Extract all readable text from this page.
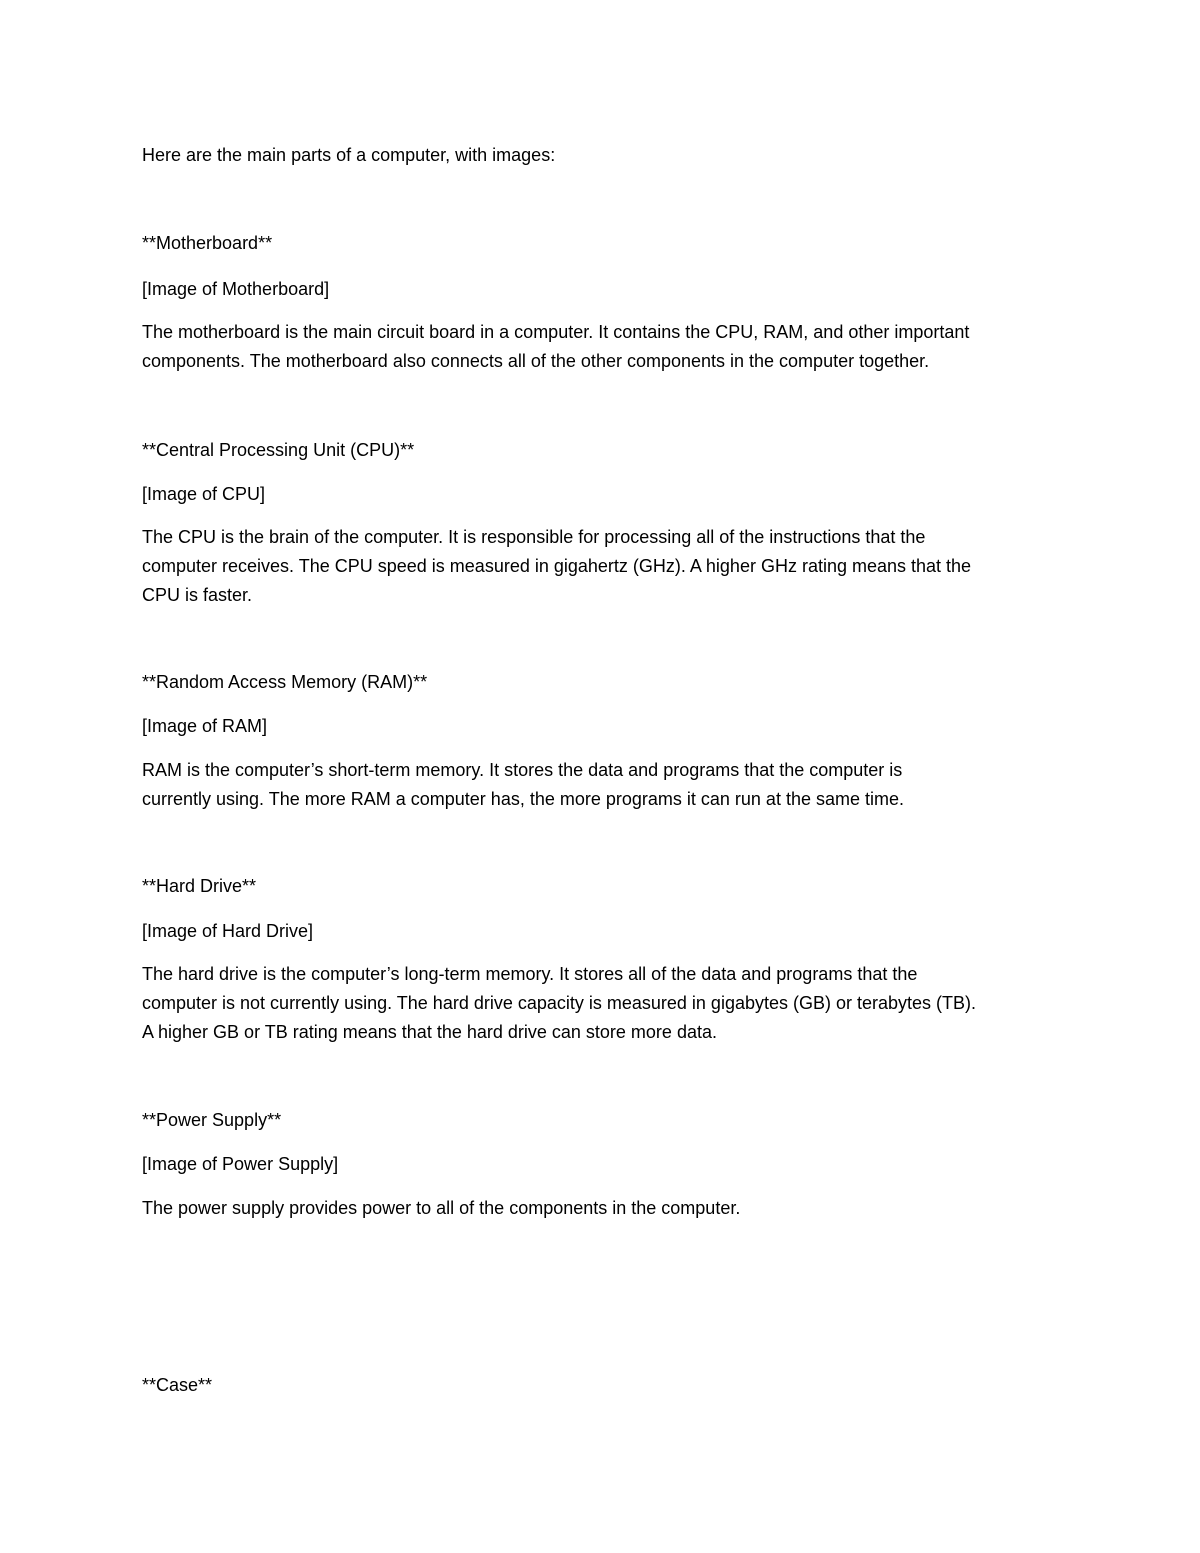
Here are the main parts of a computer, with images:

**Motherboard**

[Image of Motherboard]

The motherboard is the main circuit board in a computer. It contains the CPU, RAM, and other important
components. The motherboard also connects all of the other components in the computer together.

**Central Processing Unit (CPU)**

[Image of CPU]

The CPU is the brain of the computer. It is responsible for processing all of the instructions that the
computer receives. The CPU speed is measured in gigahertz (GHz). A higher GHz rating means that the
CPU is faster.

**Random Access Memory (RAM)**

[Image of RAM]

RAM is the computer’s short-term memory. It stores the data and programs that the computer is
currently using. The more RAM a computer has, the more programs it can run at the same time.

**Hard Drive**

[Image of Hard Drive]

The hard drive is the computer’s long-term memory. It stores all of the data and programs that the
computer is not currently using. The hard drive capacity is measured in gigabytes (GB) or terabytes (TB).
A higher GB or TB rating means that the hard drive can store more data.

**Power Supply**

[Image of Power Supply]

The power supply provides power to all of the components in the computer.

**Case**
